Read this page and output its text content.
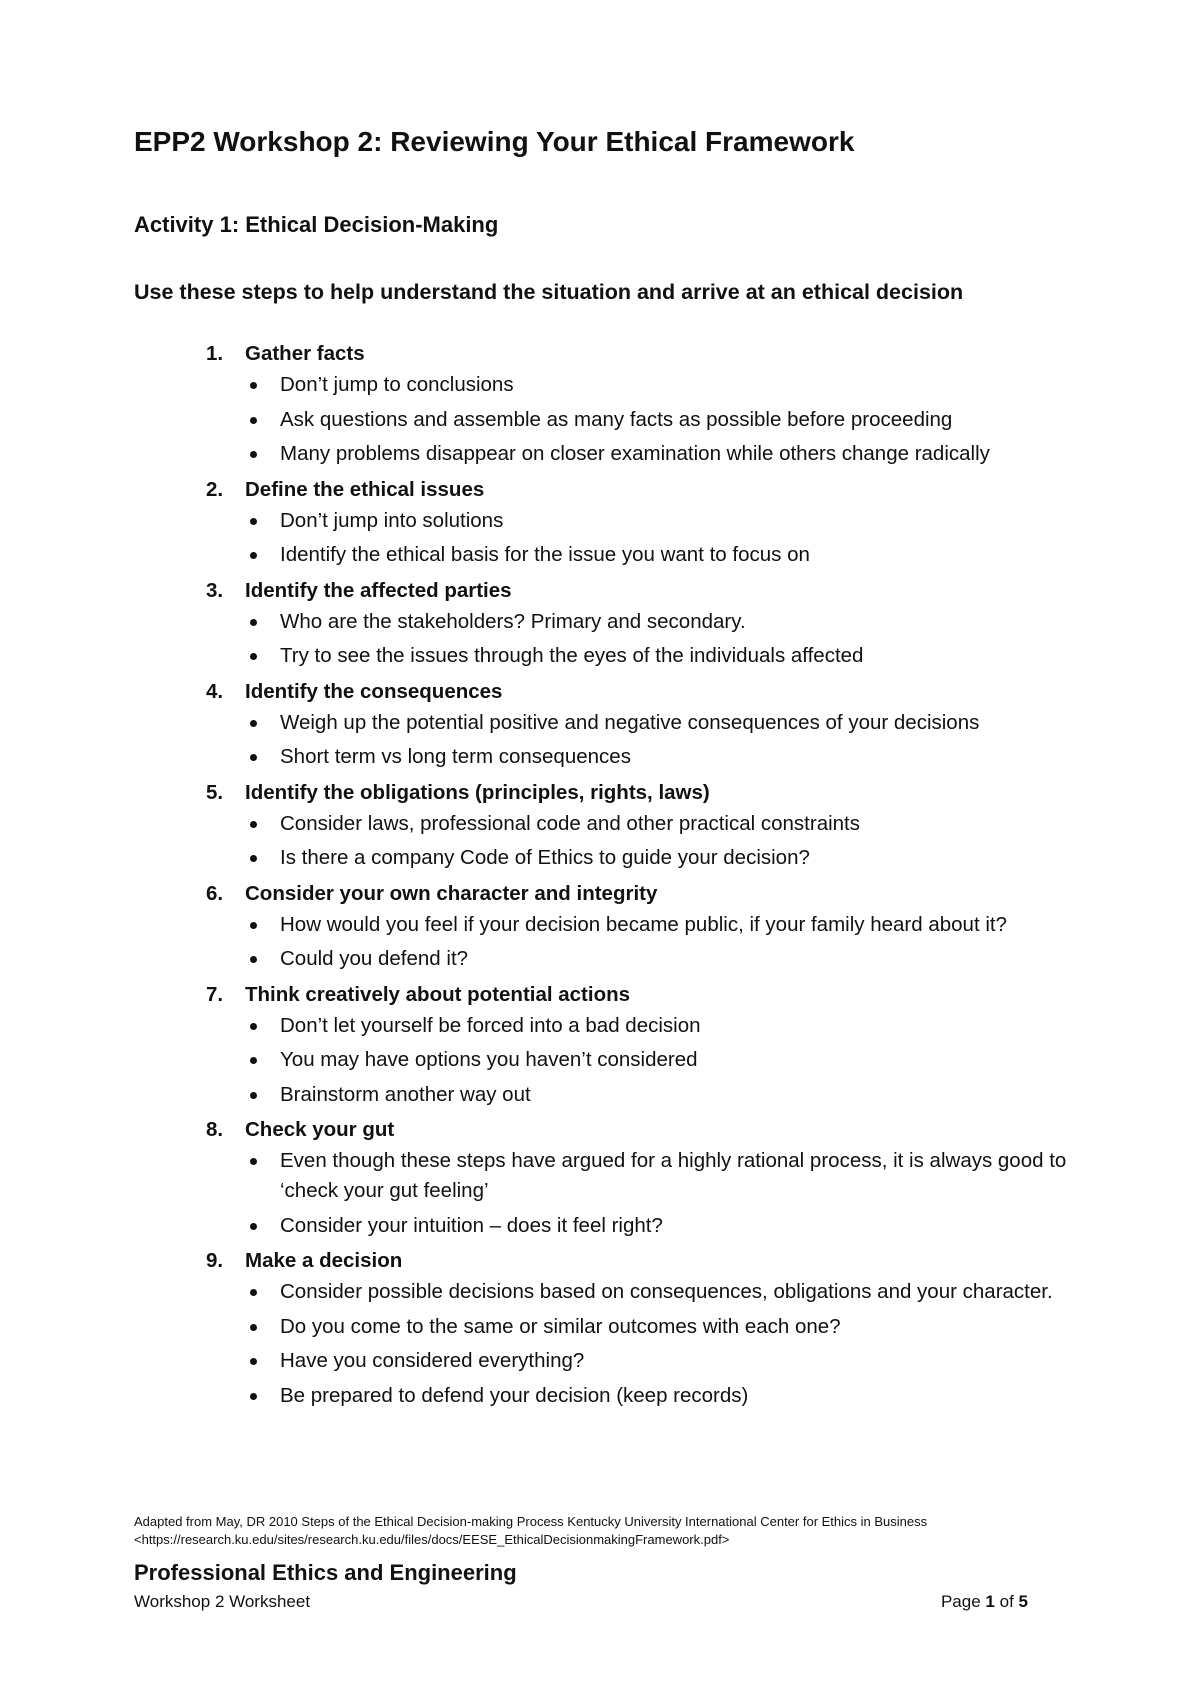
EPP2 Workshop 2: Reviewing Your Ethical Framework
Activity 1: Ethical Decision-Making

Use these steps to help understand the situation and arrive at an ethical decision

1. Gather facts
Don’t jump to conclusions
Ask questions and assemble as many facts as possible before proceeding
Many problems disappear on closer examination while others change radically
2. Define the ethical issues
Don’t jump into solutions
Identify the ethical basis for the issue you want to focus on
3. Identify the affected parties
Who are the stakeholders? Primary and secondary.
Try to see the issues through the eyes of the individuals affected
4. Identify the consequences
Weigh up the potential positive and negative consequences of your decisions
Short term vs long term consequences
5. Identify the obligations (principles, rights, laws)
Consider laws, professional code and other practical constraints
Is there a company Code of Ethics to guide your decision?
6. Consider your own character and integrity
How would you feel if your decision became public, if your family heard about it?
Could you defend it?
7. Think creatively about potential actions
Don’t let yourself be forced into a bad decision
You may have options you haven’t considered
Brainstorm another way out
8. Check your gut
Even though these steps have argued for a highly rational process, it is always good to ‘check your gut feeling’
Consider your intuition – does it feel right?
9. Make a decision
Consider possible decisions based on consequences, obligations and your character.
Do you come to the same or similar outcomes with each one?
Have you considered everything?
Be prepared to defend your decision (keep records)
Adapted from May, DR 2010 Steps of the Ethical Decision-making Process Kentucky University International Center for Ethics in Business
<https://research.ku.edu/sites/research.ku.edu/files/docs/EESE_EthicalDecisionmakingFramework.pdf>
Professional Ethics and Engineering
Workshop 2 Worksheet	Page 1 of 5
